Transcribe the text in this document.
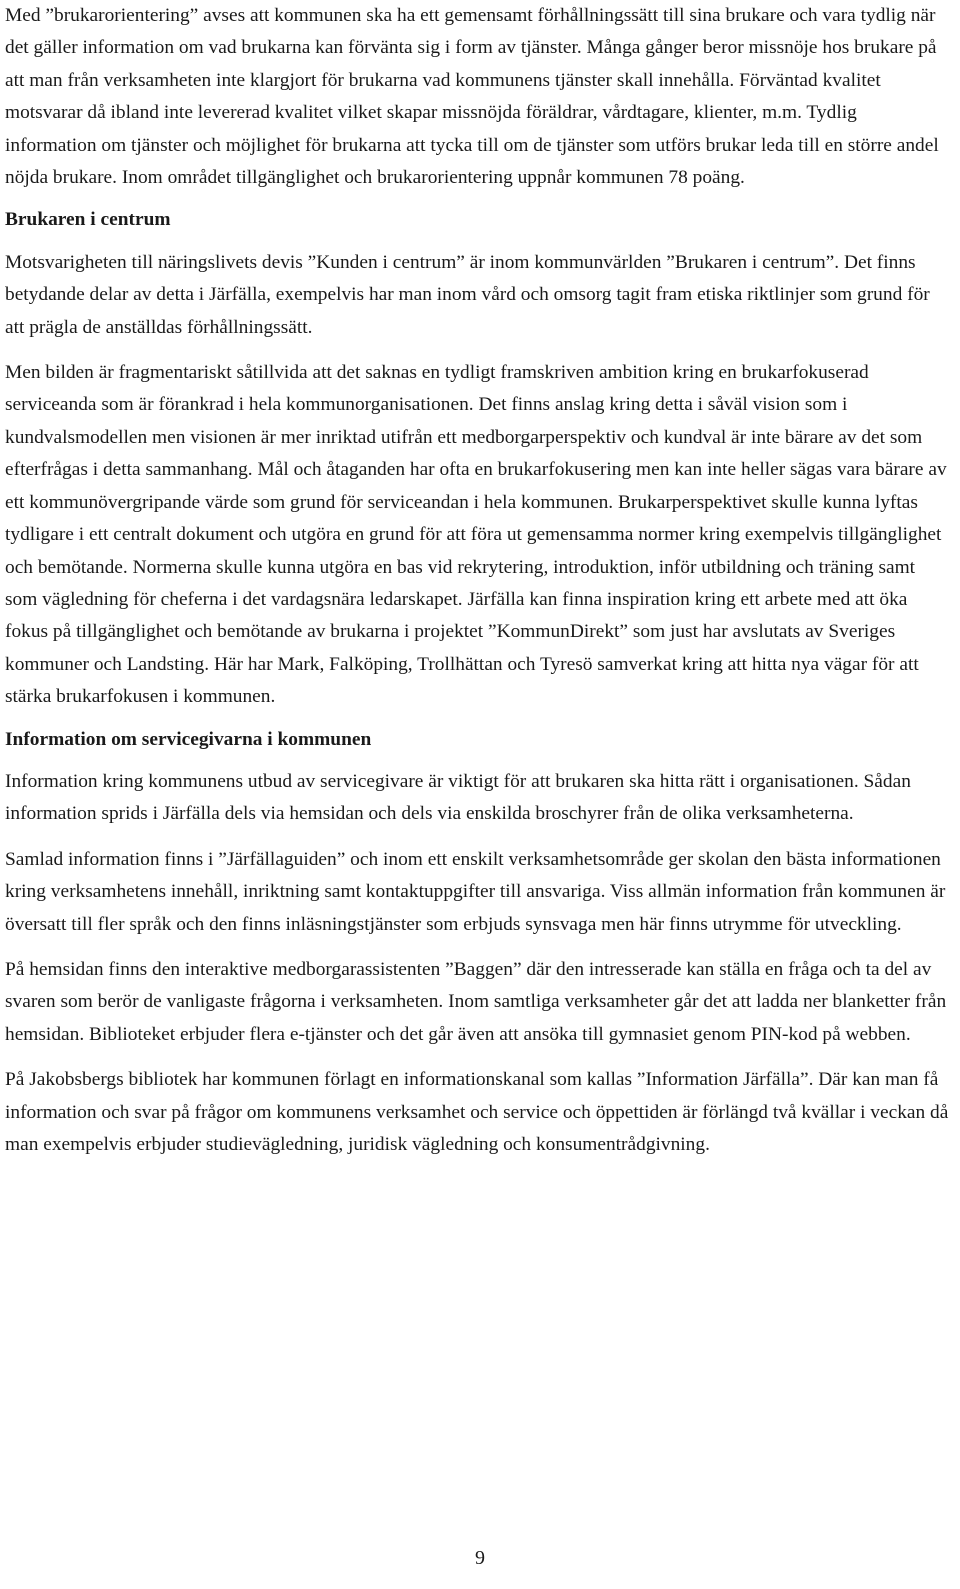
Med ”brukarorientering” avses att kommunen ska ha ett gemensamt förhållningssätt till sina brukare och vara tydlig när det gäller information om vad brukarna kan förvänta sig i form av tjänster. Många gånger beror missnöje hos brukare på att man från verksamheten inte klargjort för brukarna vad kommunens tjänster skall innehålla. Förväntad kvalitet motsvarar då ibland inte levererad kvalitet vilket skapar missnöjda föräldrar, vårdtagare, klienter, m.m. Tydlig information om tjänster och möjlighet för brukarna att tycka till om de tjänster som utförs brukar leda till en större andel nöjda brukare. Inom området tillgänglighet och brukarorientering uppnår kommunen 78 poäng.

Brukaren i centrum

Motsvarigheten till näringslivets devis ”Kunden i centrum” är inom kommunvärlden ”Brukaren i centrum”. Det finns betydande delar av detta i Järfälla, exempelvis har man inom vård och omsorg tagit fram etiska riktlinjer som grund för att prägla de anställdas förhållningssätt.

Men bilden är fragmentariskt såtillvida att det saknas en tydligt framskriven ambition kring en brukarfokuserad serviceanda som är förankrad i hela kommunorganisationen. Det finns anslag kring detta i såväl vision som i kundvalsmodellen men visionen är mer inriktad utifrån ett medborgarperspektiv och kundval är inte bärare av det som efterfrågas i detta sammanhang. Mål och åtaganden har ofta en brukarfokusering men kan inte heller sägas vara bärare av ett kommunövergripande värde som grund för serviceandan i hela kommunen. Brukarperspektivet skulle kunna lyftas tydligare i ett centralt dokument och utgöra en grund för att föra ut gemensamma normer kring exempelvis tillgänglighet och bemötande. Normerna skulle kunna utgöra en bas vid rekrytering, introduktion, inför utbildning och träning samt som vägledning för cheferna i det vardagsnära ledarskapet. Järfälla kan finna inspiration kring ett arbete med att öka fokus på tillgänglighet och bemötande av brukarna i projektet ”KommunDirekt” som just har avslutats av Sveriges kommuner och Landsting. Här har Mark, Falköping, Trollhättan och Tyresö samverkat kring att hitta nya vägar för att stärka brukarfokusen i kommunen.

Information om servicegivarna i kommunen

Information kring kommunens utbud av servicegivare är viktigt för att brukaren ska hitta rätt i organisationen. Sådan information sprids i Järfälla dels via hemsidan och dels via enskilda broschyrer från de olika verksamheterna.

Samlad information finns i ”Järfällaguiden” och inom ett enskilt verksamhetsområde ger skolan den bästa informationen kring verksamhetens innehåll, inriktning samt kontaktuppgifter till ansvariga. Viss allmän information från kommunen är översatt till fler språk och den finns inläsningstjänster som erbjuds synsvaga men här finns utrymme för utveckling.

På hemsidan finns den interaktive medborgarassistenten ”Baggen” där den intresserade kan ställa en fråga och ta del av svaren som berör de vanligaste frågorna i verksamheten. Inom samtliga verksamheter går det att ladda ner blanketter från hemsidan. Biblioteket erbjuder flera e-tjänster och det går även att ansöka till gymnasiet genom PIN-kod på webben.

På Jakobsbergs bibliotek har kommunen förlagt en informationskanal som kallas ”Information Järfälla”. Där kan man få information och svar på frågor om kommunens verksamhet och service och öppettiden är förlängd två kvällar i veckan då man exempelvis erbjuder studievägledning, juridisk vägledning och konsumentrådgivning.

9
